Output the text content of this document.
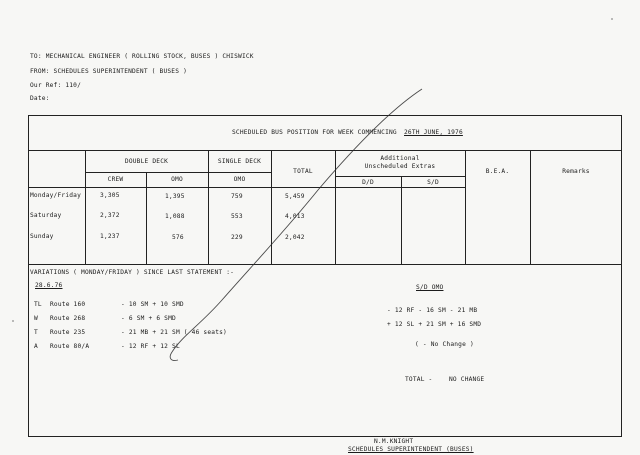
TO: MECHANICAL ENGINEER ( ROLLING STOCK, BUSES ) CHISWICK
FROM: SCHEDULES SUPERINTENDENT ( BUSES )
Our Ref: 110/
Date:
SCHEDULED BUS POSITION FOR WEEK COMMENCING 26TH JUNE, 1976
DOUBLE DECK	SINGLE DECK
TOTAL
Additional
Unscheduled Extras
B.E.A.	Remarks
CREW	OMO	OMO	D/D	S/D
Monday/Friday	3,305	1,395	759	5,459
Saturday	2,372	1,088	553	4,013
Sunday	1,237	576	229	2,042
VARIATIONS ( MONDAY/FRIDAY ) SINCE LAST STATEMENT :-
28.6.76
TL Route 160	- 10 SM + 10 SMD
W Route 268	- 6 SM + 6 SMD
T Route 235	- 21 MB + 21 SM ( 46 seats)
A Route 80/A	- 12 RF + 12 SL
S/D OMO
- 12 RF - 16 SM - 21 MB
+ 12 SL + 21 SM + 16 SMD
( - No Change )
TOTAL -	NO CHANGE
N.M.KNIGHT
SCHEDULES SUPERINTENDENT (BUSES)
